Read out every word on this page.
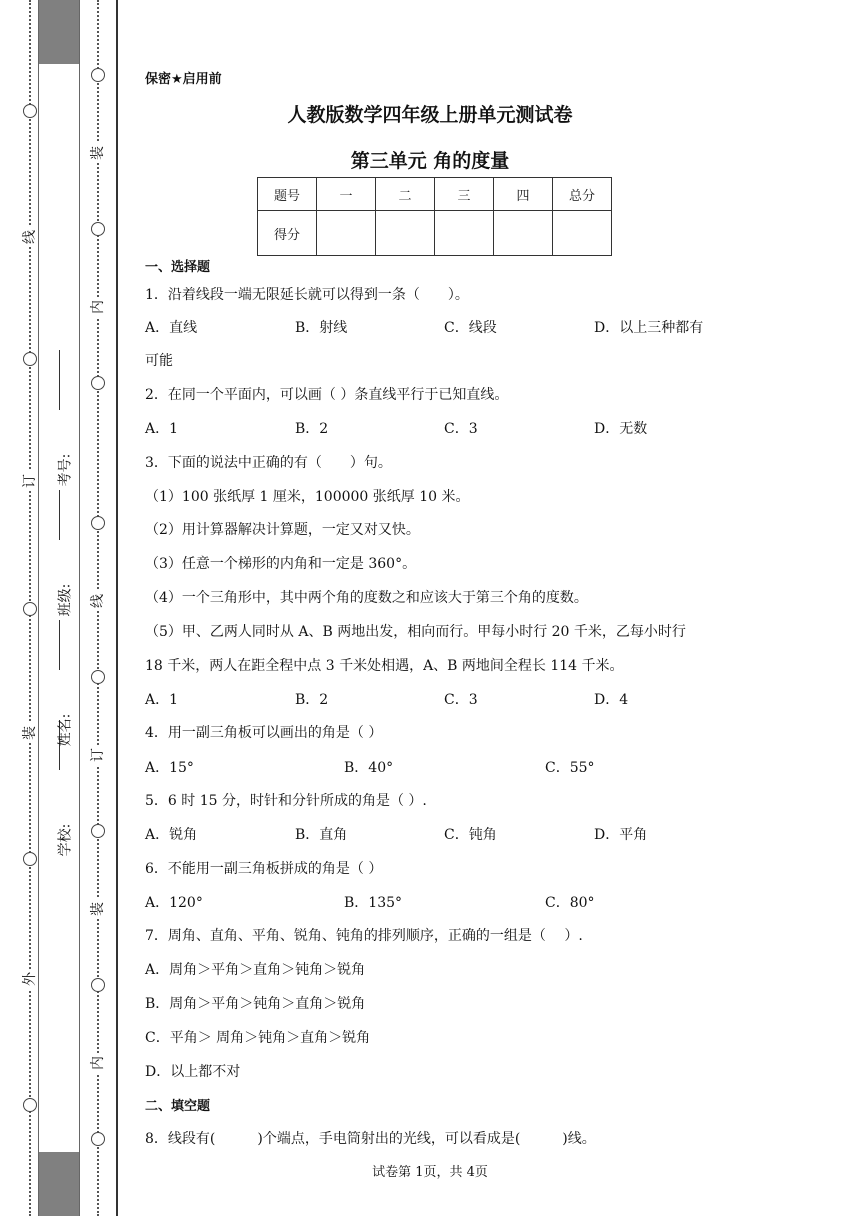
线
订
装
外
学校:
姓名:
班级:
考号:
装
内
线
订
装
内
保密★启用前
人教版数学四年级上册单元测试卷
第三单元 角的度量
题号	一	二	三	四	总分
得分					
一、选择题
1．沿着线段一端无限延长就可以得到一条（　　）。
A．直线	B．射线	C．线段	D．以上三种都有
可能
2．在同一个平面内，可以画（ ）条直线平行于已知直线。
A．1	B．2	C．3	D．无数
3．下面的说法中正确的有（　　）句。
（1）100 张纸厚 1 厘米，100000 张纸厚 10 米。
（2）用计算器解决计算题，一定又对又快。
（3）任意一个梯形的内角和一定是 360°。
（4）一个三角形中，其中两个角的度数之和应该大于第三个角的度数。
（5）甲、乙两人同时从 A、B 两地出发，相向而行。甲每小时行 20 千米，乙每小时行
18 千米，两人在距全程中点 3 千米处相遇，A、B 两地间全程长 114 千米。
A．1	B．2	C．3	D．4
4．用一副三角板可以画出的角是（ ）
A．15°	B．40°	C．55°
5．6 时 15 分，时针和分针所成的角是（ ）.
A．锐角	B．直角	C．钝角	D．平角
6．不能用一副三角板拼成的角是（ ）
A．120°	B．135°	C．80°
7．周角、直角、平角、锐角、钝角的排列顺序，正确的一组是（　 ）.
A．周角＞平角＞直角＞钝角＞锐角
B．周角＞平角＞钝角＞直角＞锐角
C．平角＞ 周角＞钝角＞直角＞锐角
D．以上都不对
二、填空题
8．线段有(　　　)个端点，手电筒射出的光线，可以看成是(　　　)线。
试卷第 1页，共 4页
